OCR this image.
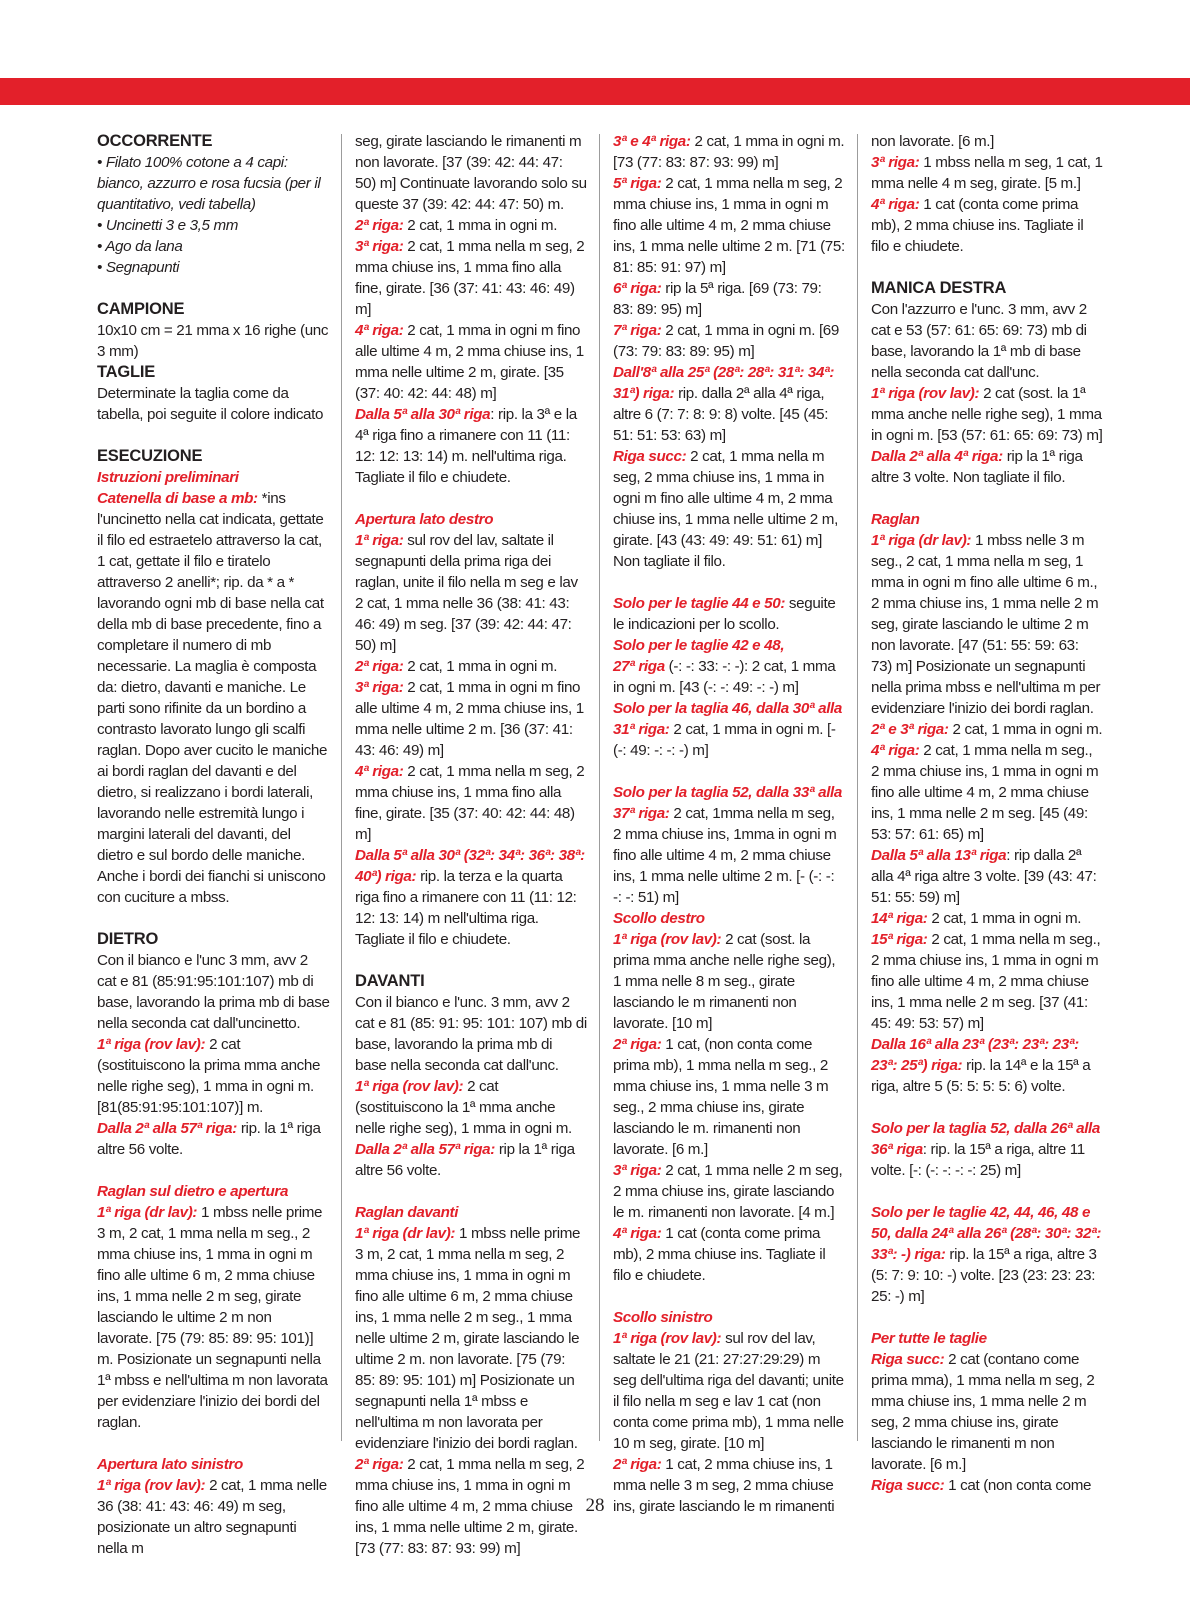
OCCORRENTE

• Filato 100% cotone a 4 capi: bianco, azzurro e rosa fucsia (per il quantitativo, vedi tabella)

• Uncinetti 3 e 3,5 mm

• Ago da lana

• Segnapunti

CAMPIONE

10x10 cm = 21 mma x 16 righe (unc 3 mm)

TAGLIE

Determinate la taglia come da tabella, poi seguite il colore indicato

ESECUZIONE

Istruzioni preliminari

Catenella di base a mb: *ins l'uncinetto nella cat indicata, gettate il filo ed estraetelo attraverso la cat, 1 cat, gettate il filo e tiratelo attraverso 2 anelli*; rip. da * a * lavorando ogni mb di base nella cat della mb di base precedente, fino a completare il numero di mb necessarie. La maglia è composta da: dietro, davanti e maniche. Le parti sono rifinite da un bordino a contrasto lavorato lungo gli scalfi raglan. Dopo aver cucito le maniche ai bordi raglan del davanti e del dietro, si realizzano i bordi laterali, lavorando nelle estremità lungo i margini laterali del davanti, del dietro e sul bordo delle maniche. Anche i bordi dei fianchi si uniscono con cuciture a mbss.

DIETRO

Con il bianco e l'unc 3 mm, avv 2 cat e 81 (85:91:95:101:107) mb di base, lavorando la prima mb di base nella seconda cat dall'uncinetto.

1ª riga (rov lav): 2 cat (sostituiscono la prima mma anche nelle righe seg), 1 mma in ogni m. [81(85:91:95:101:107)] m.

Dalla 2ª alla 57ª riga: rip. la 1ª riga altre 56 volte.

Raglan sul dietro e apertura

1ª riga (dr lav): 1 mbss nelle prime 3 m, 2 cat, 1 mma nella m seg., 2 mma chiuse ins, 1 mma in ogni m fino alle ultime 6 m, 2 mma chiuse ins, 1 mma nelle 2 m seg, girate lasciando le ultime 2 m non lavorate. [75 (79: 85: 89: 95: 101)] m. Posizionate un segnapunti nella 1ª mbss e nell'ultima m non lavorata per evidenziare l'inizio dei bordi del raglan.

Apertura lato sinistro

1ª riga (rov lav): 2 cat, 1 mma nelle 36 (38: 41: 43: 46: 49) m seg, posizionate un altro segnapunti nella m

seg, girate lasciando le rimanenti m non lavorate. [37 (39: 42: 44: 47: 50) m] Continuate lavorando solo su queste 37 (39: 42: 44: 47: 50) m.

2ª riga: 2 cat, 1 mma in ogni m.

3ª riga: 2 cat, 1 mma nella m seg, 2 mma chiuse ins, 1 mma fino alla fine, girate. [36 (37: 41: 43: 46: 49) m]

4ª riga: 2 cat, 1 mma in ogni m fino alle ultime 4 m, 2 mma chiuse ins, 1 mma nelle ultime 2 m, girate. [35 (37: 40: 42: 44: 48) m]

Dalla 5ª alla 30ª riga: rip. la 3ª e la 4ª riga fino a rimanere con 11 (11: 12: 12: 13: 14) m. nell'ultima riga. Tagliate il filo e chiudete.

Apertura lato destro

1ª riga: sul rov del lav, saltate il segnapunti della prima riga dei raglan, unite il filo nella m seg e lav 2 cat, 1 mma nelle 36 (38: 41: 43: 46: 49) m seg. [37 (39: 42: 44: 47: 50) m]

2ª riga: 2 cat, 1 mma in ogni m.

3ª riga: 2 cat, 1 mma in ogni m fino alle ultime 4 m, 2 mma chiuse ins, 1 mma nelle ultime 2 m. [36 (37: 41: 43: 46: 49) m]

4ª riga: 2 cat, 1 mma nella m seg, 2 mma chiuse ins, 1 mma fino alla fine, girate. [35 (37: 40: 42: 44: 48) m]

Dalla 5ª alla 30ª (32ª: 34ª: 36ª: 38ª: 40ª) riga: rip. la terza e la quarta riga fino a rimanere con 11 (11: 12: 12: 13: 14) m nell'ultima riga. Tagliate il filo e chiudete.

DAVANTI

Con il bianco e l'unc. 3 mm, avv 2 cat e 81 (85: 91: 95: 101: 107) mb di base, lavorando la prima mb di base nella seconda cat dall'unc.

1ª riga (rov lav): 2 cat (sostituiscono la 1ª mma anche nelle righe seg), 1 mma in ogni m.

Dalla 2ª alla 57ª riga: rip la 1ª riga altre 56 volte.

Raglan davanti

1ª riga (dr lav): 1 mbss nelle prime 3 m, 2 cat, 1 mma nella m seg, 2 mma chiuse ins, 1 mma in ogni m fino alle ultime 6 m, 2 mma chiuse ins, 1 mma nelle 2 m seg., 1 mma nelle ultime 2 m, girate lasciando le ultime 2 m. non lavorate. [75 (79: 85: 89: 95: 101) m] Posizionate un segnapunti nella 1ª mbss e nell'ultima m non lavorata per evidenziare l'inizio dei bordi raglan.

2ª riga: 2 cat, 1 mma nella m seg, 2 mma chiuse ins, 1 mma in ogni m fino alle ultime 4 m, 2 mma chiuse ins, 1 mma nelle ultime 2 m, girate. [73 (77: 83: 87: 93: 99) m]

3ª e 4ª riga: 2 cat, 1 mma in ogni m. [73 (77: 83: 87: 93: 99) m]

5ª riga: 2 cat, 1 mma nella m seg, 2 mma chiuse ins, 1 mma in ogni m fino alle ultime 4 m, 2 mma chiuse ins, 1 mma nelle ultime 2 m. [71 (75: 81: 85: 91: 97) m]

6ª riga: rip la 5ª riga. [69 (73: 79: 83: 89: 95) m]

7ª riga: 2 cat, 1 mma in ogni m. [69 (73: 79: 83: 89: 95) m]

Dall'8ª alla 25ª (28ª: 28ª: 31ª: 34ª: 31ª) riga: rip. dalla 2ª alla 4ª riga, altre 6 (7: 7: 8: 9: 8) volte. [45 (45: 51: 51: 53: 63) m]

Riga succ: 2 cat, 1 mma nella m seg, 2 mma chiuse ins, 1 mma in ogni m fino alle ultime 4 m, 2 mma chiuse ins, 1 mma nelle ultime 2 m, girate. [43 (43: 49: 49: 51: 61) m] Non tagliate il filo.

Solo per le taglie 44 e 50: seguite le indicazioni per lo scollo.

Solo per le taglie 42 e 48,

27ª riga (-: -: 33: -: -): 2 cat, 1 mma in ogni m. [43 (-: -: 49: -: -) m]

Solo per la taglia 46, dalla 30ª alla 31ª riga: 2 cat, 1 mma in ogni m. [- (-: 49: -: -: -) m]

Solo per la taglia 52, dalla 33ª alla 37ª riga: 2 cat, 1mma nella m seg, 2 mma chiuse ins, 1mma in ogni m fino alle ultime 4 m, 2 mma chiuse ins, 1 mma nelle ultime 2 m. [- (-: -: -: -: 51) m]

Scollo destro

1ª riga (rov lav): 2 cat (sost. la prima mma anche nelle righe seg), 1 mma nelle 8 m seg., girate lasciando le m rimanenti non lavorate. [10 m]

2ª riga: 1 cat, (non conta come prima mb), 1 mma nella m seg., 2 mma chiuse ins, 1 mma nelle 3 m seg., 2 mma chiuse ins, girate lasciando le m. rimanenti non lavorate. [6 m.]

3ª riga: 2 cat, 1 mma nelle 2 m seg, 2 mma chiuse ins, girate lasciando le m. rimanenti non lavorate. [4 m.]

4ª riga: 1 cat (conta come prima mb), 2 mma chiuse ins. Tagliate il filo e chiudete.

Scollo sinistro

1ª riga (rov lav): sul rov del lav, saltate le 21 (21: 27:27:29:29) m seg dell'ultima riga del davanti; unite il filo nella m seg e lav 1 cat (non conta come prima mb), 1 mma nelle 10 m seg, girate. [10 m]

2ª riga: 1 cat, 2 mma chiuse ins, 1 mma nelle 3 m seg, 2 mma chiuse ins, girate lasciando le m rimanenti

non lavorate. [6 m.]

3ª riga: 1 mbss nella m seg, 1 cat, 1 mma nelle 4 m seg, girate. [5 m.]

4ª riga: 1 cat (conta come prima mb), 2 mma chiuse ins. Tagliate il filo e chiudete.

MANICA DESTRA

Con l'azzurro e l'unc. 3 mm, avv 2 cat e 53 (57: 61: 65: 69: 73) mb di base, lavorando la 1ª mb di base nella seconda cat dall'unc.

1ª riga (rov lav): 2 cat (sost. la 1ª mma anche nelle righe seg), 1 mma in ogni m. [53 (57: 61: 65: 69: 73) m]

Dalla 2ª alla 4ª riga: rip la 1ª riga altre 3 volte. Non tagliate il filo.

Raglan

1ª riga (dr lav): 1 mbss nelle 3 m seg., 2 cat, 1 mma nella m seg, 1 mma in ogni m fino alle ultime 6 m., 2 mma chiuse ins, 1 mma nelle 2 m seg, girate lasciando le ultime 2 m non lavorate. [47 (51: 55: 59: 63: 73) m] Posizionate un segnapunti nella prima mbss e nell'ultima m per evidenziare l'inizio dei bordi raglan.

2ª e 3ª riga: 2 cat, 1 mma in ogni m.

4ª riga: 2 cat, 1 mma nella m seg., 2 mma chiuse ins, 1 mma in ogni m fino alle ultime 4 m, 2 mma chiuse ins, 1 mma nelle 2 m seg. [45 (49: 53: 57: 61: 65) m]

Dalla 5ª alla 13ª riga: rip dalla 2ª alla 4ª riga altre 3 volte. [39 (43: 47: 51: 55: 59) m]

14ª riga: 2 cat, 1 mma in ogni m.

15ª riga: 2 cat, 1 mma nella m seg., 2 mma chiuse ins, 1 mma in ogni m fino alle ultime 4 m, 2 mma chiuse ins, 1 mma nelle 2 m seg. [37 (41: 45: 49: 53: 57) m]

Dalla 16ª alla 23ª (23ª: 23ª: 23ª: 23ª: 25ª) riga: rip. la 14ª e la 15ª a riga, altre 5 (5: 5: 5: 5: 6) volte.

Solo per la taglia 52, dalla 26ª alla 36ª riga: rip. la 15ª a riga, altre 11 volte. [-: (-: -: -: -: 25) m]

Solo per le taglie 42, 44, 46, 48 e 50, dalla 24ª alla 26ª (28ª: 30ª: 32ª: 33ª: -) riga: rip. la 15ª a riga, altre 3 (5: 7: 9: 10: -) volte. [23 (23: 23: 23: 25: -) m]

Per tutte le taglie

Riga succ: 2 cat (contano come prima mma), 1 mma nella m seg, 2 mma chiuse ins, 1 mma nelle 2 m seg, 2 mma chiuse ins, girate lasciando le rimanenti m non lavorate. [6 m.]

Riga succ: 1 cat (non conta come

28
